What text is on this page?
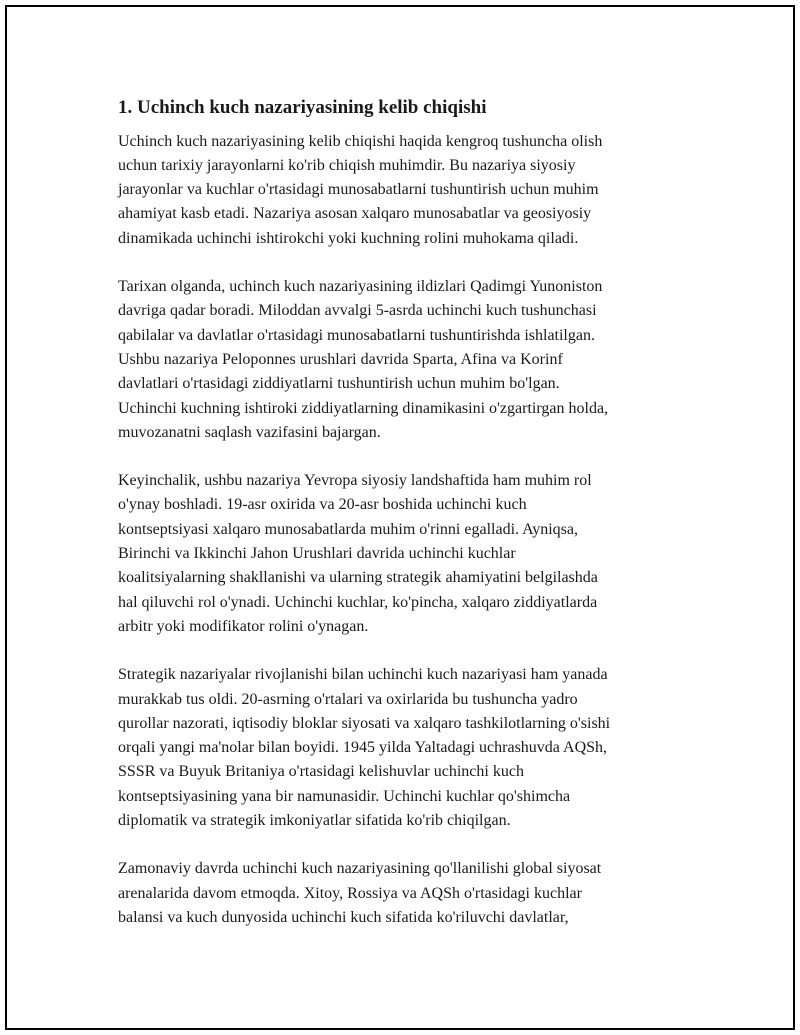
1. Uchinch kuch nazariyasining kelib chiqishi

Uchinch kuch nazariyasining kelib chiqishi haqida kengroq tushuncha olish
uchun tarixiy jarayonlarni ko'rib chiqish muhimdir. Bu nazariya siyosiy
jarayonlar va kuchlar o'rtasidagi munosabatlarni tushuntirish uchun muhim
ahamiyat kasb etadi. Nazariya asosan xalqaro munosabatlar va geosiyosiy
dinamikada uchinchi ishtirokchi yoki kuchning rolini muhokama qiladi.

Tarixan olganda, uchinch kuch nazariyasining ildizlari Qadimgi Yunoniston
davriga qadar boradi. Miloddan avvalgi 5-asrda uchinchi kuch tushunchasi
qabilalar va davlatlar o'rtasidagi munosabatlarni tushuntirishda ishlatilgan.
Ushbu nazariya Peloponnes urushlari davrida Sparta, Afina va Korinf
davlatlari o'rtasidagi ziddiyatlarni tushuntirish uchun muhim bo'lgan.
Uchinchi kuchning ishtiroki ziddiyatlarning dinamikasini o'zgartirgan holda,
muvozanatni saqlash vazifasini bajargan.

Keyinchalik, ushbu nazariya Yevropa siyosiy landshaftida ham muhim rol
o'ynay boshladi. 19-asr oxirida va 20-asr boshida uchinchi kuch
kontseptsiyasi xalqaro munosabatlarda muhim o'rinni egalladi. Ayniqsa,
Birinchi va Ikkinchi Jahon Urushlari davrida uchinchi kuchlar
koalitsiyalarning shakllanishi va ularning strategik ahamiyatini belgilashda
hal qiluvchi rol o'ynadi. Uchinchi kuchlar, ko'pincha, xalqaro ziddiyatlarda
arbitr yoki modifikator rolini o'ynagan.

Strategik nazariyalar rivojlanishi bilan uchinchi kuch nazariyasi ham yanada
murakkab tus oldi. 20-asrning o'rtalari va oxirlarida bu tushuncha yadro
qurollar nazorati, iqtisodiy bloklar siyosati va xalqaro tashkilotlarning o'sishi
orqali yangi ma'nolar bilan boyidi. 1945 yilda Yaltadagi uchrashuvda AQSh,
SSSR va Buyuk Britaniya o'rtasidagi kelishuvlar uchinchi kuch
kontseptsiyasining yana bir namunasidir. Uchinchi kuchlar qo'shimcha
diplomatik va strategik imkoniyatlar sifatida ko'rib chiqilgan.

Zamonaviy davrda uchinchi kuch nazariyasining qo'llanilishi global siyosat
arenalarida davom etmoqda. Xitoy, Rossiya va AQSh o'rtasidagi kuchlar
balansi va kuch dunyosida uchinchi kuch sifatida ko'riluvchi davlatlar,
